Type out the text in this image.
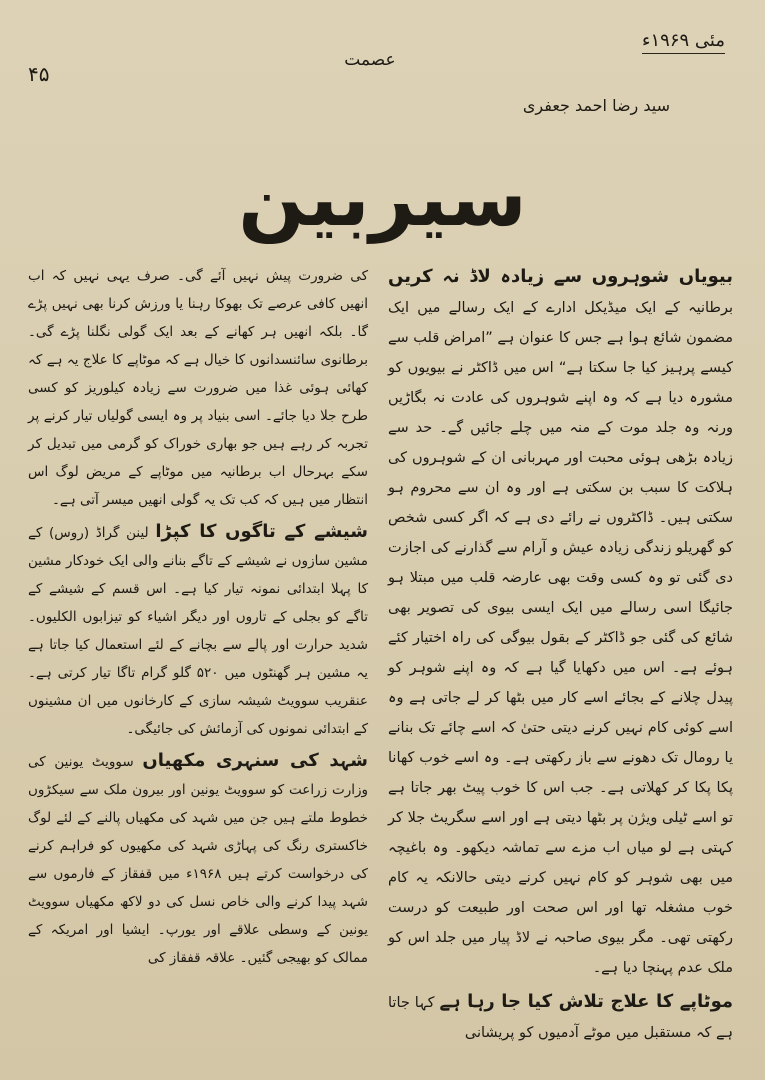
۴۵
عصمت
مئی ۱۹۶۹ء
سید رضا احمد جعفری
سیربین

بیویاں شوہروں سے زیادہ لاڈ نہ کریں برطانیہ کے ایک میڈیکل ادارے کے ایک رسالے میں ایک مضمون شائع ہوا ہے جس کا عنوان ہے ”امراض قلب سے کیسے پرہیز کیا جا سکتا ہے“ اس میں ڈاکٹر نے بیویوں کو مشورہ دیا ہے کہ وہ اپنے شوہروں کی عادت نہ بگاڑیں ورنہ وہ جلد موت کے منہ میں چلے جائیں گے۔ حد سے زیادہ بڑھی ہوئی محبت اور مہربانی ان کے شوہروں کی ہلاکت کا سبب بن سکتی ہے اور وہ ان سے محروم ہو سکتی ہیں۔ ڈاکٹروں نے رائے دی ہے کہ اگر کسی شخص کو گھریلو زندگی زیادہ عیش و آرام سے گذارنے کی اجازت دی گئی تو وہ کسی وقت بھی عارضہ قلب میں مبتلا ہو جائیگا اسی رسالے میں ایک ایسی بیوی کی تصویر بھی شائع کی گئی جو ڈاکٹر کے بقول بیوگی کی راہ اختیار کئے ہوئے ہے۔ اس میں دکھایا گیا ہے کہ وہ اپنے شوہر کو پیدل چلانے کے بجائے اسے کار میں بٹھا کر لے جاتی ہے وہ اسے کوئی کام نہیں کرنے دیتی حتیٰ کہ اسے چائے تک بنانے یا رومال تک دھونے سے باز رکھتی ہے۔ وہ اسے خوب کھانا پکا پکا کر کھلاتی ہے۔ جب اس کا خوب پیٹ بھر جاتا ہے تو اسے ٹیلی ویژن پر بٹھا دیتی ہے اور اسے سگریٹ جلا کر کہتی ہے لو میاں اب مزے سے تماشہ دیکھو۔ وہ باغیچہ میں بھی شوہر کو کام نہیں کرنے دیتی حالانکہ یہ کام خوب مشغلہ تھا اور اس صحت اور طبیعت کو درست رکھتی تھی۔ مگر بیوی صاحبہ نے لاڈ پیار میں جلد اس کو ملک عدم پہنچا دیا ہے۔

موٹاپے کا علاج تلاش کیا جا رہا ہے کہا جاتا ہے کہ مستقبل میں موٹے آدمیوں کو پریشانی

کی ضرورت پیش نہیں آئے گی۔ صرف یہی نہیں کہ اب انھیں کافی عرصے تک بھوکا رہنا یا ورزش کرنا بھی نہیں پڑے گا۔ بلکہ انھیں ہر کھانے کے بعد ایک گولی نگلنا پڑے گی۔ برطانوی سائنسدانوں کا خیال ہے کہ موٹاپے کا علاج یہ ہے کہ کھائی ہوئی غذا میں ضرورت سے زیادہ کیلوریز کو کسی طرح جلا دیا جائے۔ اسی بنیاد پر وہ ایسی گولیاں تیار کرنے پر تجربہ کر رہے ہیں جو بھاری خوراک کو گرمی میں تبدیل کر سکے بہرحال اب برطانیہ میں موٹاپے کے مریض لوگ اس انتظار میں ہیں کہ کب تک یہ گولی انھیں میسر آتی ہے۔

شیشے کے تاگوں کا کپڑا لینن گراڈ (روس) کے مشین سازوں نے شیشے کے تاگے بنانے والی ایک خودکار مشین کا پہلا ابتدائی نمونہ تیار کیا ہے۔ اس قسم کے شیشے کے تاگے کو بجلی کے تاروں اور دیگر اشیاء کو تیزابوں الکلیوں۔ شدید حرارت اور پالے سے بچانے کے لئے استعمال کیا جاتا ہے یہ مشین ہر گھنٹوں میں ۵۲۰ گلو گرام تاگا تیار کرتی ہے۔ عنقریب سوویٹ شیشہ سازی کے کارخانوں میں ان مشینوں کے ابتدائی نمونوں کی آزمائش کی جائیگی۔

شہد کی سنہری مکھیاں سوویٹ یونین کی وزارت زراعت کو سوویٹ یونین اور بیرون ملک سے سیکڑوں خطوط ملتے ہیں جن میں شہد کی مکھیاں پالنے کے لئے لوگ خاکستری رنگ کی پہاڑی شہد کی مکھیوں کو فراہم کرنے کی درخواست کرتے ہیں ۱۹۶۸ء میں قفقاز کے فارموں سے شہد پیدا کرنے والی خاص نسل کی دو لاکھ مکھیاں سوویٹ یونین کے وسطی علاقے اور یورپ۔ ایشیا اور امریکہ کے ممالک کو بھیجی گئیں۔ علاقہ قفقاز کی
